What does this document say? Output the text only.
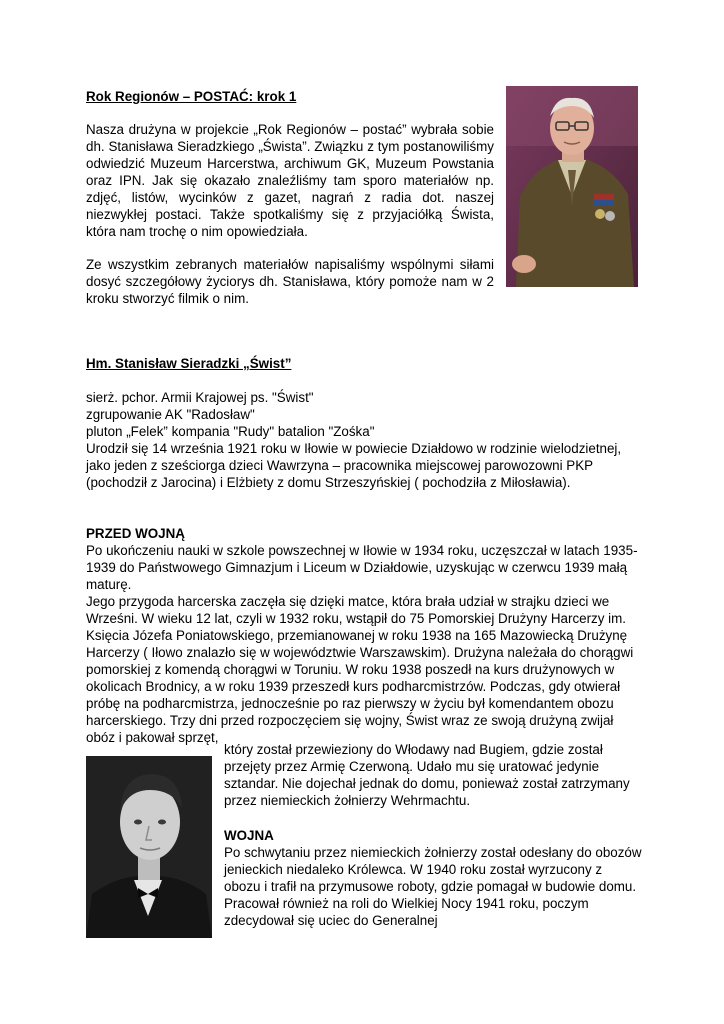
Rok Regionów – POSTAĆ: krok 1
Nasza drużyna w projekcie „Rok Regionów – postać” wybrała sobie dh. Stanisława Sieradzkiego „Śwista”. Związku z tym postanowiliśmy odwiedzić Muzeum Harcerstwa, archiwum GK, Muzeum Powstania oraz IPN. Jak się okazało znaleźliśmy tam sporo materiałów np. zdjęć, listów, wycinków z gazet, nagrań z radia dot. naszej niezwykłej postaci. Także spotkaliśmy się z przyjaciółką Śwista, która nam trochę o nim opowiedziała.
Ze wszystkim zebranych materiałów napisaliśmy wspólnymi siłami dosyć szczegółowy życiorys dh. Stanisława, który pomoże nam w 2 kroku stworzyć filmik o nim.
Hm. Stanisław Sieradzki „Świst”
sierż. pchor. Armii Krajowej ps. "Świst"
zgrupowanie AK "Radosław"
pluton „Felek” kompania "Rudy" batalion "Zośka"
Urodził się 14 września 1921 roku w Iłowie w powiecie Działdowo w rodzinie wielodzietnej, jako jeden z sześciorga dzieci Wawrzyna – pracownika miejscowej parowozowni PKP (pochodził z Jarocina) i Elżbiety z domu Strzeszyńskiej ( pochodziła z Miłosławia).
PRZED WOJNĄ
Po ukończeniu nauki w szkole powszechnej w Iłowie w 1934 roku, uczęszczał w latach 1935-1939 do Państwowego Gimnazjum i Liceum w Działdowie, uzyskując w czerwcu 1939 małą maturę.
Jego przygoda harcerska zaczęła się dzięki matce, która brała udział w strajku dzieci we Wrześni. W wieku 12 lat, czyli w 1932 roku, wstąpił do 75 Pomorskiej Drużyny Harcerzy im. Księcia Józefa Poniatowskiego, przemianowanej w roku 1938 na 165 Mazowiecką Drużynę Harcerzy ( Iłowo znalazło się w województwie Warszawskim). Drużyna należała do chorągwi pomorskiej z komendą chorągwi w Toruniu. W roku 1938 poszedł na kurs drużynowych w okolicach Brodnicy, a w roku 1939 przeszedł kurs podharcmistrzów. Podczas, gdy otwierał próbę na podharcmistrza, jednocześnie po raz pierwszy w życiu był komendantem obozu harcerskiego. Trzy dni przed rozpoczęciem się wojny, Świst wraz ze swoją drużyną zwijał obóz i pakował sprzęt,
który został przewieziony do Włodawy nad Bugiem, gdzie został przejęty przez Armię Czerwoną. Udało mu się uratować jedynie sztandar. Nie dojechał jednak do domu, ponieważ został zatrzymany przez niemieckich żołnierzy Wehrmachtu.
WOJNA
Po schwytaniu przez niemieckich żołnierzy został odesłany do obozów jenieckich niedaleko Królewca. W 1940 roku został wyrzucony z obozu i trafił na przymusowe roboty, gdzie pomagał w budowie domu. Pracował również na roli do Wielkiej Nocy 1941 roku, poczym zdecydował się uciec do Generalnej
